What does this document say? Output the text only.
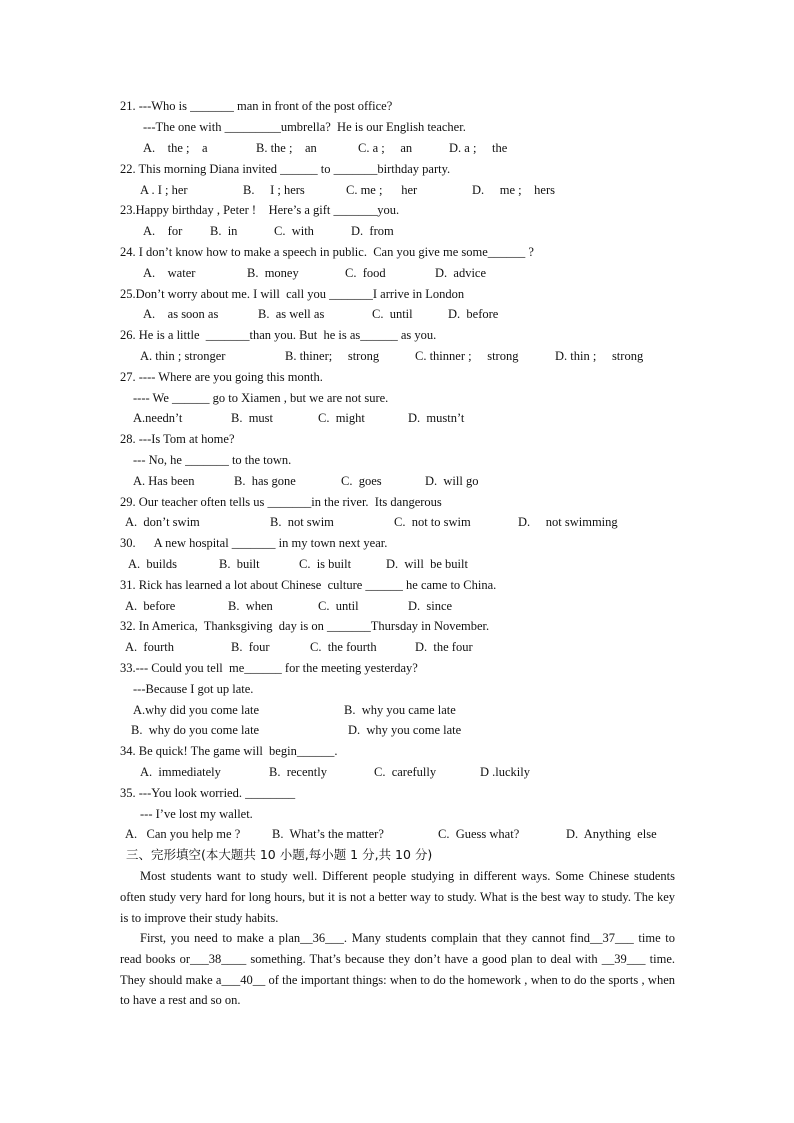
21. ---Who is _______ man in front of the post office?
---The one with _________umbrella?  He is our English teacher.
A.    the ;    a	B. the ;    an	C. a ;     an	D. a ;     the
22. This morning Diana invited ______ to _______birthday party.
A . I ; her	B.     I ; hers	C. me ;      her	D.     me ;    hers
23.Happy birthday , Peter !    Here’s a gift _______you.
A.    for B.  in	C.  with	D.  from
24. I don’t know how to make a speech in public.  Can you give me some______ ?
A.    water	B.  money	C.  food	D.  advice
25.Don’t worry about me. I will  call you _______I arrive in London
A.    as soon as	B.  as well as	C.  until	D.  before
26. He is a little  _______than you. But  he is as______ as you.
A. thin ; stronger	B. thiner;     strong	C. thinner ;     strong	D. thin ;     strong
27. ---- Where are you going this month.
---- We ______ go to Xiamen , but we are not sure.
A.needn’t	B.  must	C.  might	D.  mustn’t
28. ---Is Tom at home?
--- No, he _______ to the town.
A. Has been	B.  has gone	C.  goes	D.  will go
29. Our teacher often tells us _______in the river.  Its dangerous
A.  don’t swim	B.  not swim	C.  not to swim	D.     not swimming
30.      A new hospital _______ in my town next year.
A.  builds	B.  built	C.  is built	D.  will  be built
31. Rick has learned a lot about Chinese  culture ______ he came to China.
A.  before	B.  when	C.  until	D.  since
32. In America,  Thanksgiving  day is on _______Thursday in November.
A.  fourth	B.  four	C.  the fourth	D.  the four
33.--- Could you tell  me______ for the meeting yesterday?
---Because I got up late.
A.why did you come late	B.  why you came late
B.  why do you come late	D.  why you come late
34. Be quick! The game will  begin______.
A.  immediately	B.  recently	C.  carefully	D .luckily
35. ---You look worried. ________
--- I’ve lost my wallet.
A.   Can you help me ?	B.  What’s the matter?	C.  Guess what?	D.  Anything  else
三、完形填空(本大题共 10 小题,每小题 1 分,共 10 分)
Most students want to study well. Different people studying in different ways. Some Chinese students often study very hard for long hours, but it is not a better way to study. What is the best way to study. The key is to improve their study habits.
First, you need to make a plan__36___. Many students complain that they cannot find__37___ time to read books or___38____ something. That’s because they don’t have a good plan to deal with __39___ time. They should make a___40__ of the important things: when to do the homework , when to do the sports , when to have a rest and so on.
